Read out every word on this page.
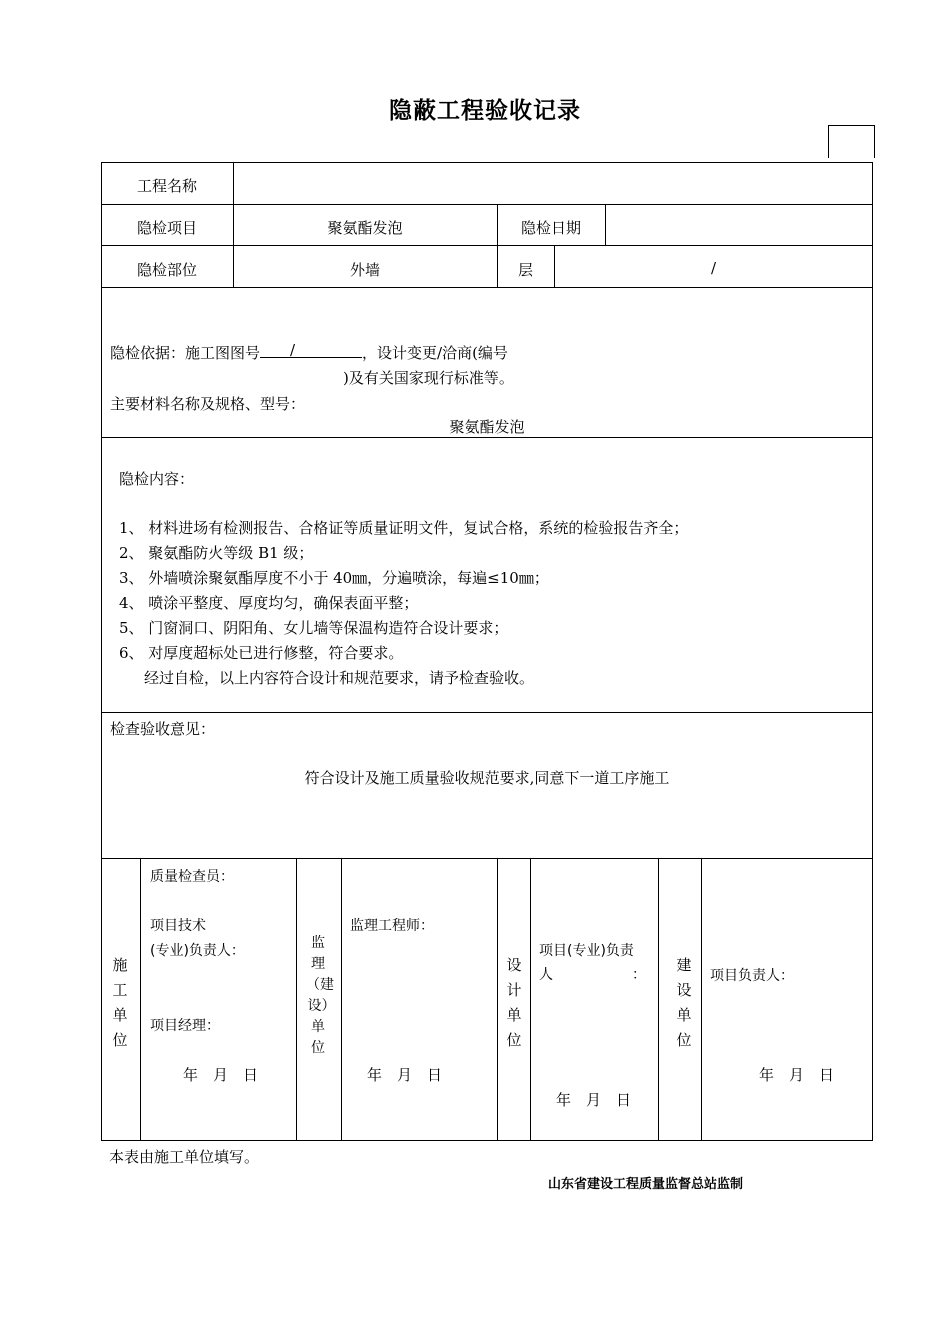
隐蔽工程验收记录
工程名称
隐检项目	聚氨酯发泡	隐检日期
隐检部位	外墙	层	/
隐检依据：施工图图号 /	，设计变更/洽商(编号
)及有关国家现行标准等。
主要材料名称及规格、型号：
聚氨酯发泡
隐检内容：
1、 材料进场有检测报告、合格证等质量证明文件，复试合格，系统的检验报告齐全；
2、 聚氨酯防火等级 B1 级；
3、 外墙喷涂聚氨酯厚度不小于 40㎜，分遍喷涂，每遍≤10㎜；
4、 喷涂平整度、厚度均匀，确保表面平整；
5、 门窗洞口、阴阳角、女儿墙等保温构造符合设计要求；
6、 对厚度超标处已进行修整，符合要求。
经过自检，以上内容符合设计和规范要求，请予检查验收。
检查验收意见：
符合设计及施工质量验收规范要求,同意下一道工序施工
施工单位
质量检查员：
项目技术
(专业)负责人：
项目经理：
年　月　日
监理（建设）单位
监理工程师：
年　月　日
设计单位
项目(专业)负责
人	：
年　月　日
建设单位
项目负责人：
年　月　日
本表由施工单位填写。
山东省建设工程质量监督总站监制
